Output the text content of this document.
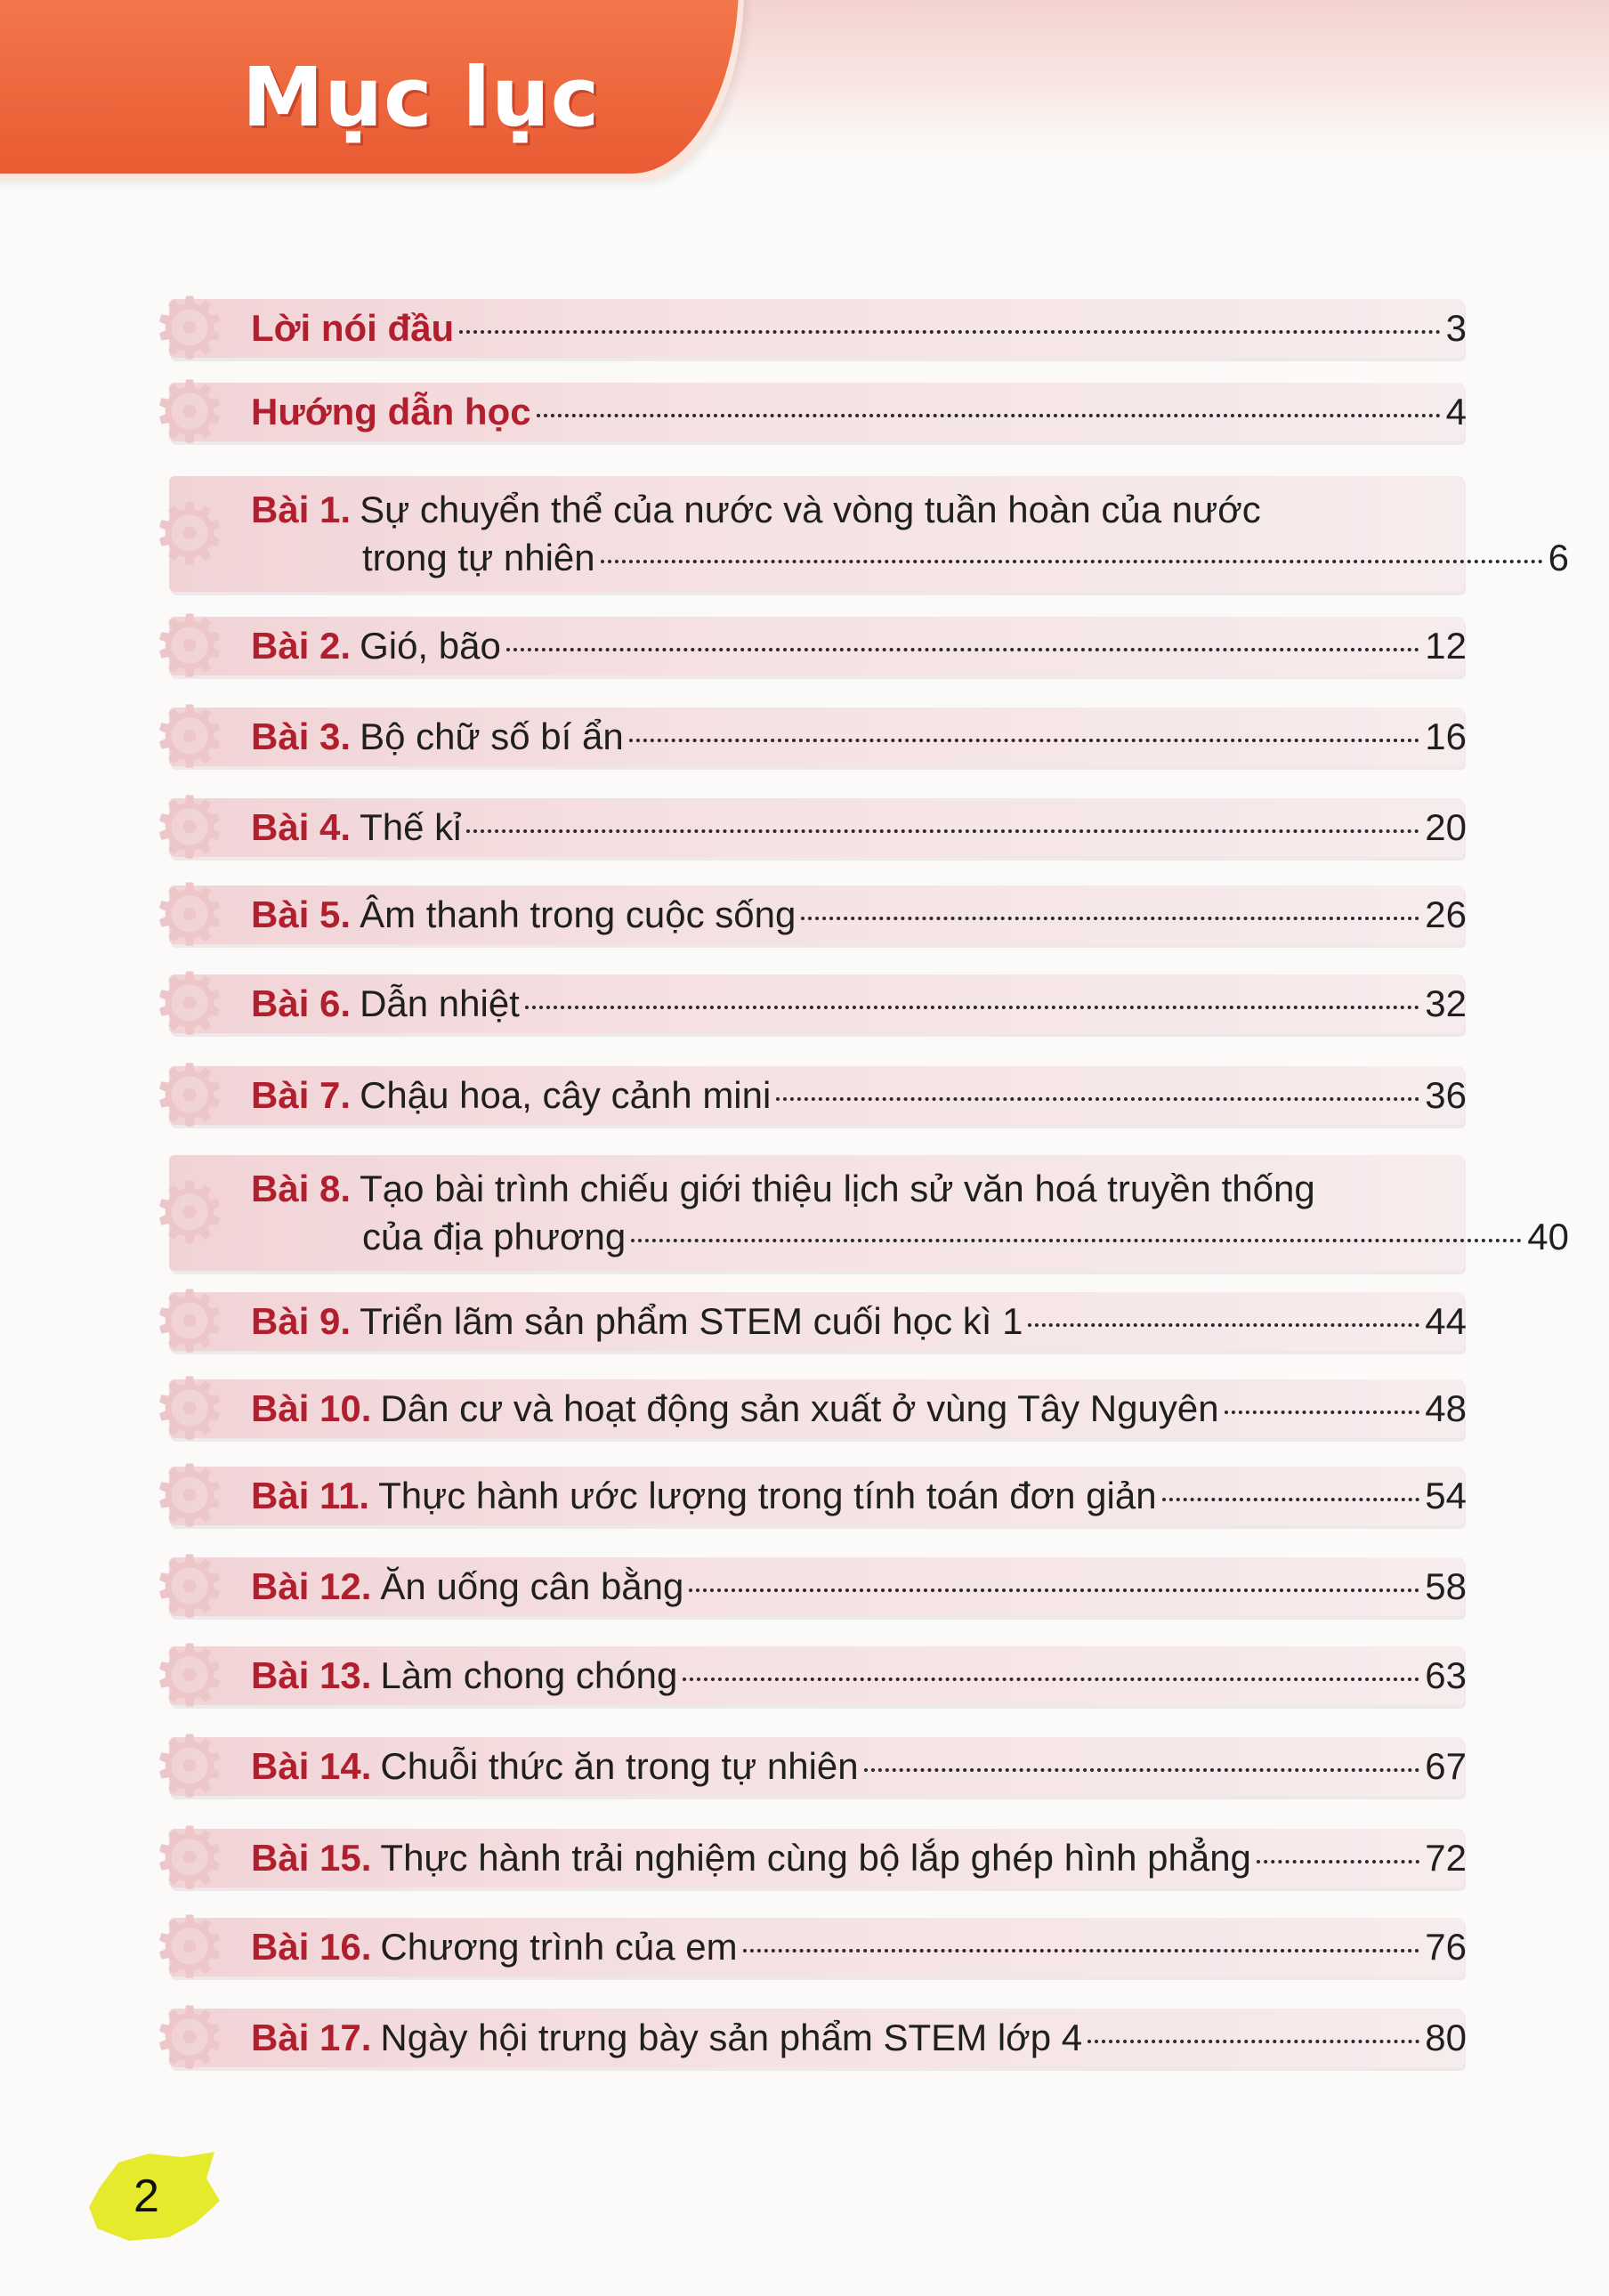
Mục lục
⚙ Lời nói đầu	3
⚙ Hướng dẫn học	4
⚙ Bài 1. Sự chuyển thể của nước và vòng tuần hoàn của nước
trong tự nhiên	6
⚙ Bài 2. Gió, bão	12
⚙ Bài 3. Bộ chữ số bí ẩn	16
⚙ Bài 4. Thế kỉ	20
⚙ Bài 5. Âm thanh trong cuộc sống	26
⚙ Bài 6. Dẫn nhiệt	32
⚙ Bài 7. Chậu hoa, cây cảnh mini	36
⚙ Bài 8. Tạo bài trình chiếu giới thiệu lịch sử văn hoá truyền thống
của địa phương	40
⚙ Bài 9. Triển lãm sản phẩm STEM cuối học kì 1	44
⚙ Bài 10. Dân cư và hoạt động sản xuất ở vùng Tây Nguyên	48
⚙ Bài 11. Thực hành ước lượng trong tính toán đơn giản	54
⚙ Bài 12. Ăn uống cân bằng	58
⚙ Bài 13. Làm chong chóng	63
⚙ Bài 14. Chuỗi thức ăn trong tự nhiên	67
⚙ Bài 15. Thực hành trải nghiệm cùng bộ lắp ghép hình phẳng	72
⚙ Bài 16. Chương trình của em	76
⚙ Bài 17. Ngày hội trưng bày sản phẩm STEM lớp 4	80
2
